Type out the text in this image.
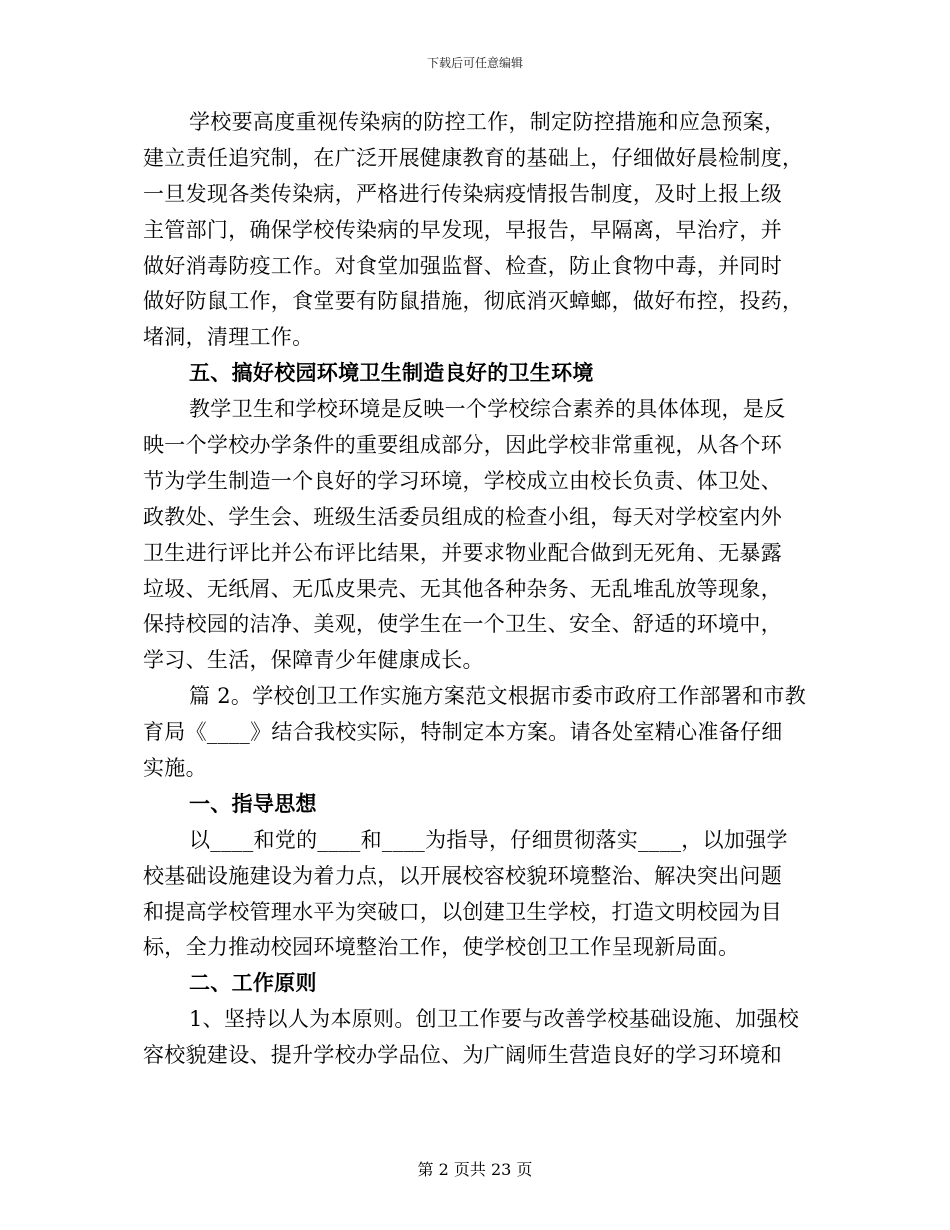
下载后可任意编辑
学校要高度重视传染病的防控工作，制定防控措施和应急预案，
建立责任追究制，在广泛开展健康教育的基础上，仔细做好晨检制度，
一旦发现各类传染病，严格进行传染病疫情报告制度，及时上报上级
主管部门，确保学校传染病的早发现，早报告，早隔离，早治疗，并
做好消毒防疫工作。对食堂加强监督、检查，防止食物中毒，并同时
做好防鼠工作，食堂要有防鼠措施，彻底消灭蟑螂，做好布控，投药，
堵洞，清理工作。
五、搞好校园环境卫生制造良好的卫生环境
教学卫生和学校环境是反映一个学校综合素养的具体体现，是反
映一个学校办学条件的重要组成部分，因此学校非常重视，从各个环
节为学生制造一个良好的学习环境，学校成立由校长负责、体卫处、
政教处、学生会、班级生活委员组成的检查小组，每天对学校室内外
卫生进行评比并公布评比结果，并要求物业配合做到无死角、无暴露
垃圾、无纸屑、无瓜皮果壳、无其他各种杂务、无乱堆乱放等现象，
保持校园的洁净、美观，使学生在一个卫生、安全、舒适的环境中，
学习、生活，保障青少年健康成长。
篇 2。学校创卫工作实施方案范文根据市委市政府工作部署和市教
育局《____》结合我校实际，特制定本方案。请各处室精心准备仔细
实施。
一、指导思想
以____和党的____和____为指导，仔细贯彻落实____，以加强学
校基础设施建设为着力点，以开展校容校貌环境整治、解决突出问题
和提高学校管理水平为突破口，以创建卫生学校，打造文明校园为目
标，全力推动校园环境整治工作，使学校创卫工作呈现新局面。
二、工作原则
1、坚持以人为本原则。创卫工作要与改善学校基础设施、加强校
容校貌建设、提升学校办学品位、为广阔师生营造良好的学习环境和
第 2 页共 23 页
